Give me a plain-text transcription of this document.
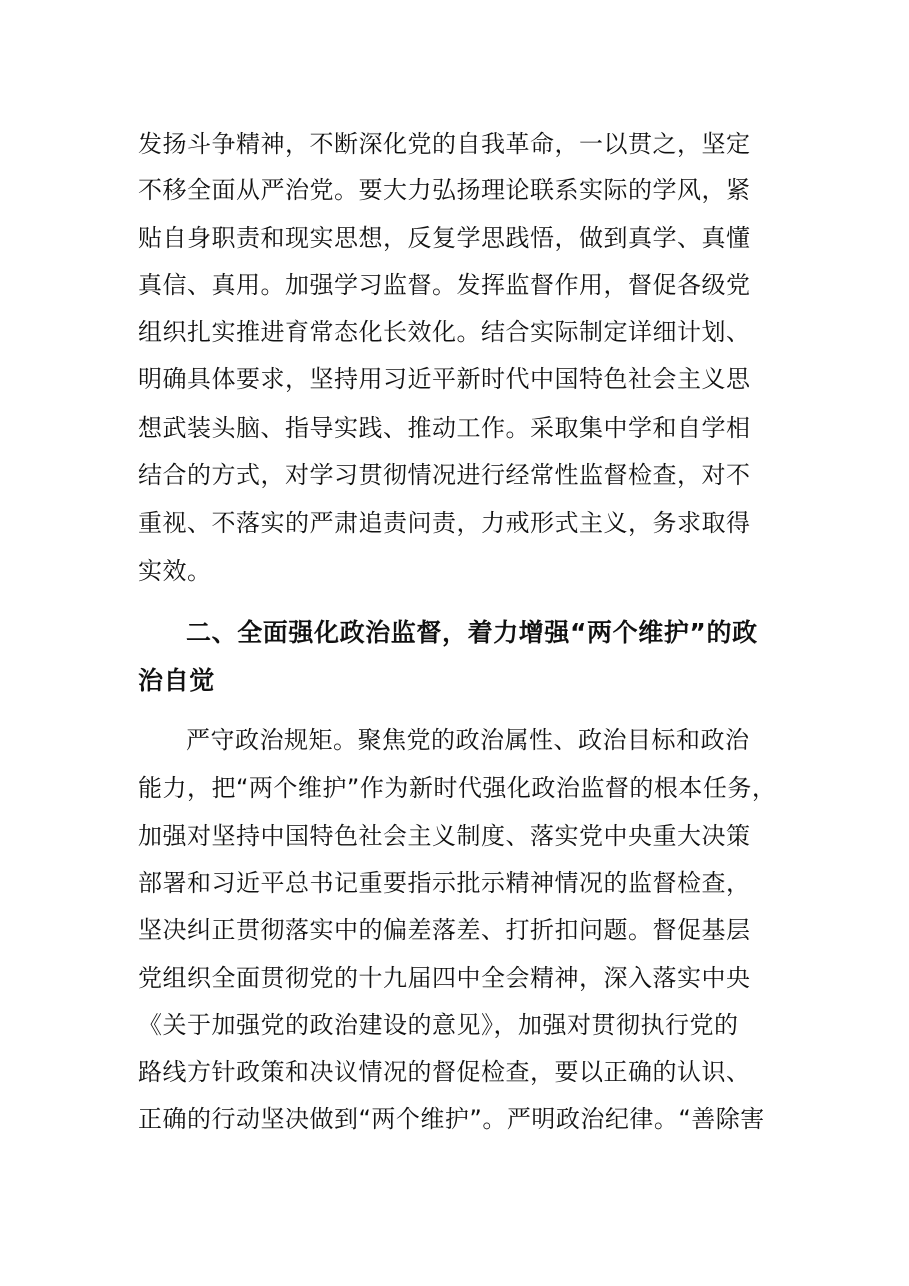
发扬斗争精神，不断深化党的自我革命，一以贯之，坚定
不移全面从严治党。要大力弘扬理论联系实际的学风，紧
贴自身职责和现实思想，反复学思践悟，做到真学、真懂
真信、真用。加强学习监督。发挥监督作用，督促各级党
组织扎实推进育常态化长效化。结合实际制定详细计划、
明确具体要求，坚持用习近平新时代中国特色社会主义思
想武装头脑、指导实践、推动工作。采取集中学和自学相
结合的方式，对学习贯彻情况进行经常性监督检查，对不
重视、不落实的严肃追责问责，力戒形式主义，务求取得
实效。
二、全面强化政治监督，着力增强“两个维护”的政
治自觉
严守政治规矩。聚焦党的政治属性、政治目标和政治
能力，把“两个维护”作为新时代强化政治监督的根本任务，
加强对坚持中国特色社会主义制度、落实党中央重大决策
部署和习近平总书记重要指示批示精神情况的监督检查，
坚决纠正贯彻落实中的偏差落差、打折扣问题。督促基层
党组织全面贯彻党的十九届四中全会精神，深入落实中央
《关于加强党的政治建设的意见》，加强对贯彻执行党的
路线方针政策和决议情况的督促检查，要以正确的认识、
正确的行动坚决做到“两个维护”。严明政治纪律。“善除害
